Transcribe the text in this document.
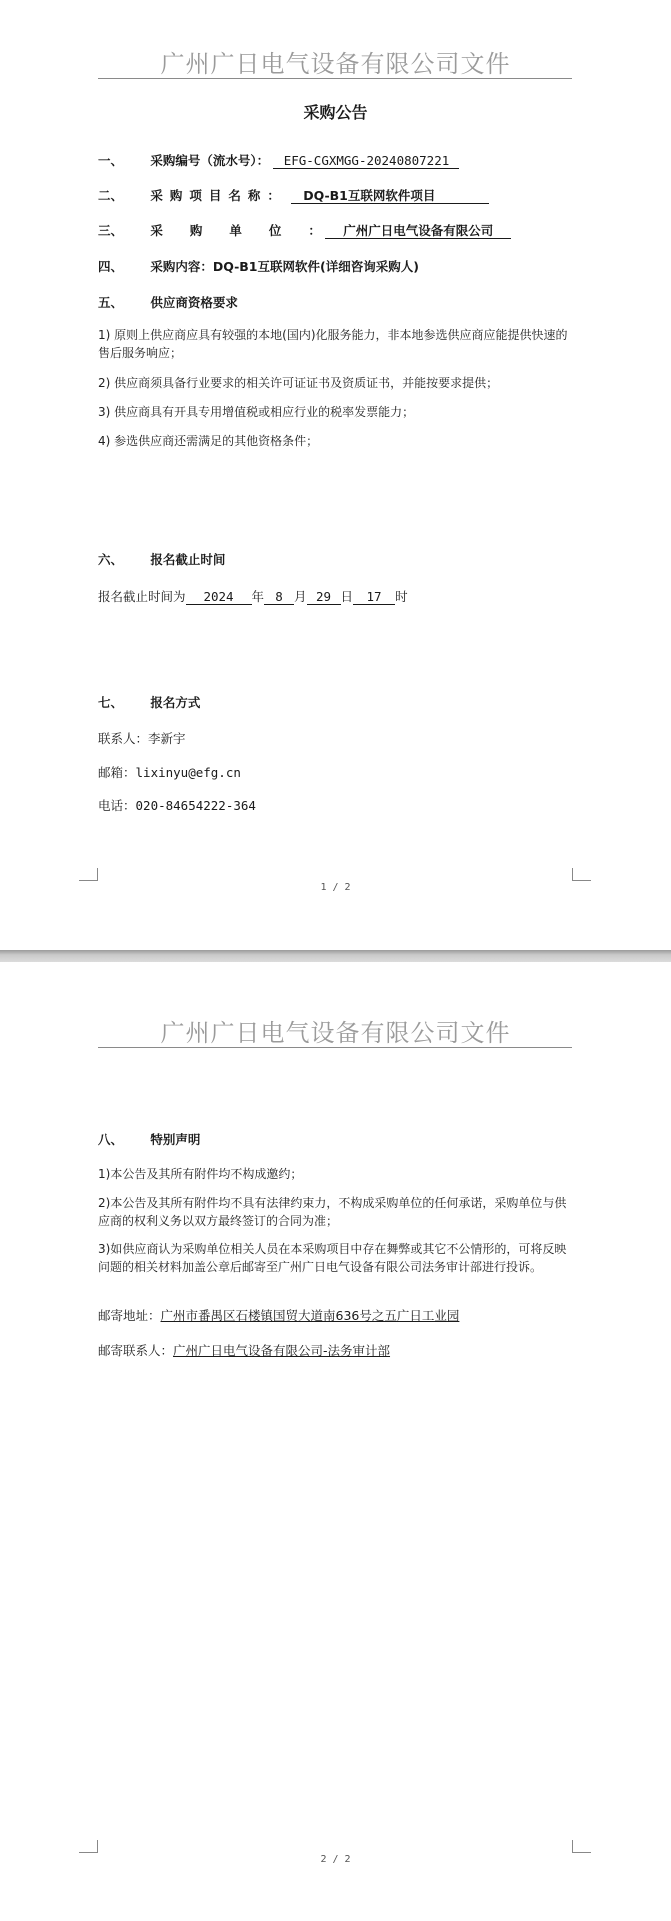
广州广日电气设备有限公司文件
采购公告
一、 采购编号（流水号）： EFG-CGXMGG-20240807221
二、 采购项目名称： DQ-B1互联网软件项目
三、 采购单位： 广州广日电气设备有限公司
四、 采购内容：DQ-B1互联网软件(详细咨询采购人)
五、 供应商资格要求
1) 原则上供应商应具有较强的本地(国内)化服务能力，非本地参选供应商应能提供快速的售后服务响应；
2) 供应商须具备行业要求的相关许可证证书及资质证书，并能按要求提供；
3) 供应商具有开具专用增值税或相应行业的税率发票能力；
4) 参选供应商还需满足的其他资格条件；
六、 报名截止时间
报名截止时间为 2024 年 8 月 29 日 17 时
七、 报名方式
联系人：李新宇
邮箱：lixinyu@efg.cn
电话：020-84654222-364
1 / 2
广州广日电气设备有限公司文件
八、 特别声明
1)本公告及其所有附件均不构成邀约；
2)本公告及其所有附件均不具有法律约束力，不构成采购单位的任何承诺，采购单位与供应商的权利义务以双方最终签订的合同为准；
3)如供应商认为采购单位相关人员在本采购项目中存在舞弊或其它不公情形的，可将反映问题的相关材料加盖公章后邮寄至广州广日电气设备有限公司法务审计部进行投诉。
邮寄地址：广州市番禺区石楼镇国贸大道南636号之五广日工业园
邮寄联系人：广州广日电气设备有限公司-法务审计部
2 / 2
